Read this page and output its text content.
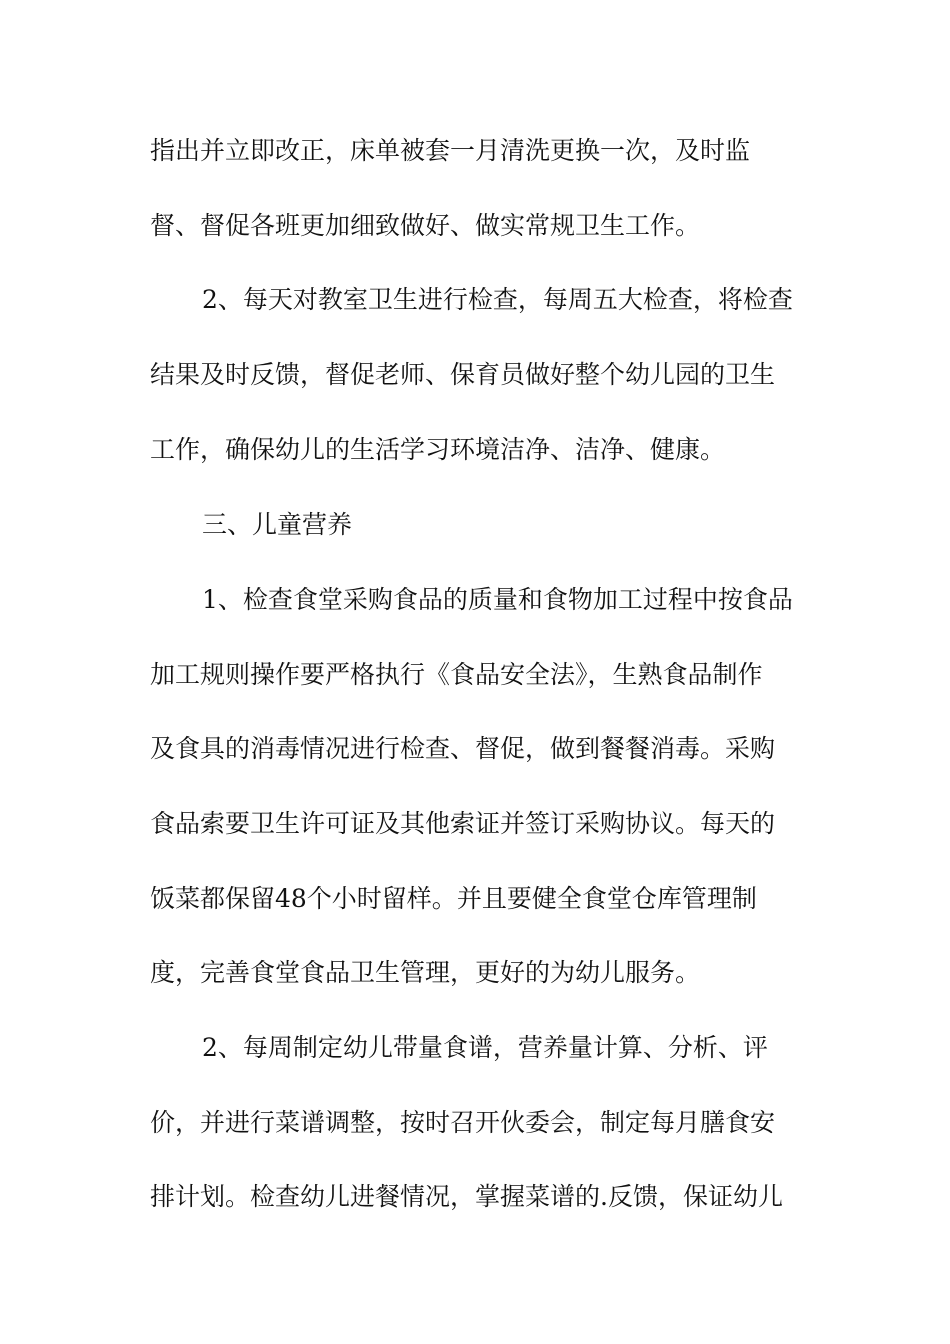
指出并立即改正，床单被套一月清洗更换一次，及时监
督、督促各班更加细致做好、做实常规卫生工作。
2、每天对教室卫生进行检查，每周五大检查，将检查
结果及时反馈，督促老师、保育员做好整个幼儿园的卫生
工作，确保幼儿的生活学习环境洁净、洁净、健康。
三、儿童营养
1、检查食堂采购食品的质量和食物加工过程中按食品
加工规则操作要严格执行《食品安全法》，生熟食品制作
及食具的消毒情况进行检查、督促，做到餐餐消毒。采购
食品索要卫生许可证及其他索证并签订采购协议。每天的
饭菜都保留48个小时留样。并且要健全食堂仓库管理制
度，完善食堂食品卫生管理，更好的为幼儿服务。
2、每周制定幼儿带量食谱，营养量计算、分析、评
价，并进行菜谱调整，按时召开伙委会，制定每月膳食安
排计划。检查幼儿进餐情况，掌握菜谱的.反馈，保证幼儿
